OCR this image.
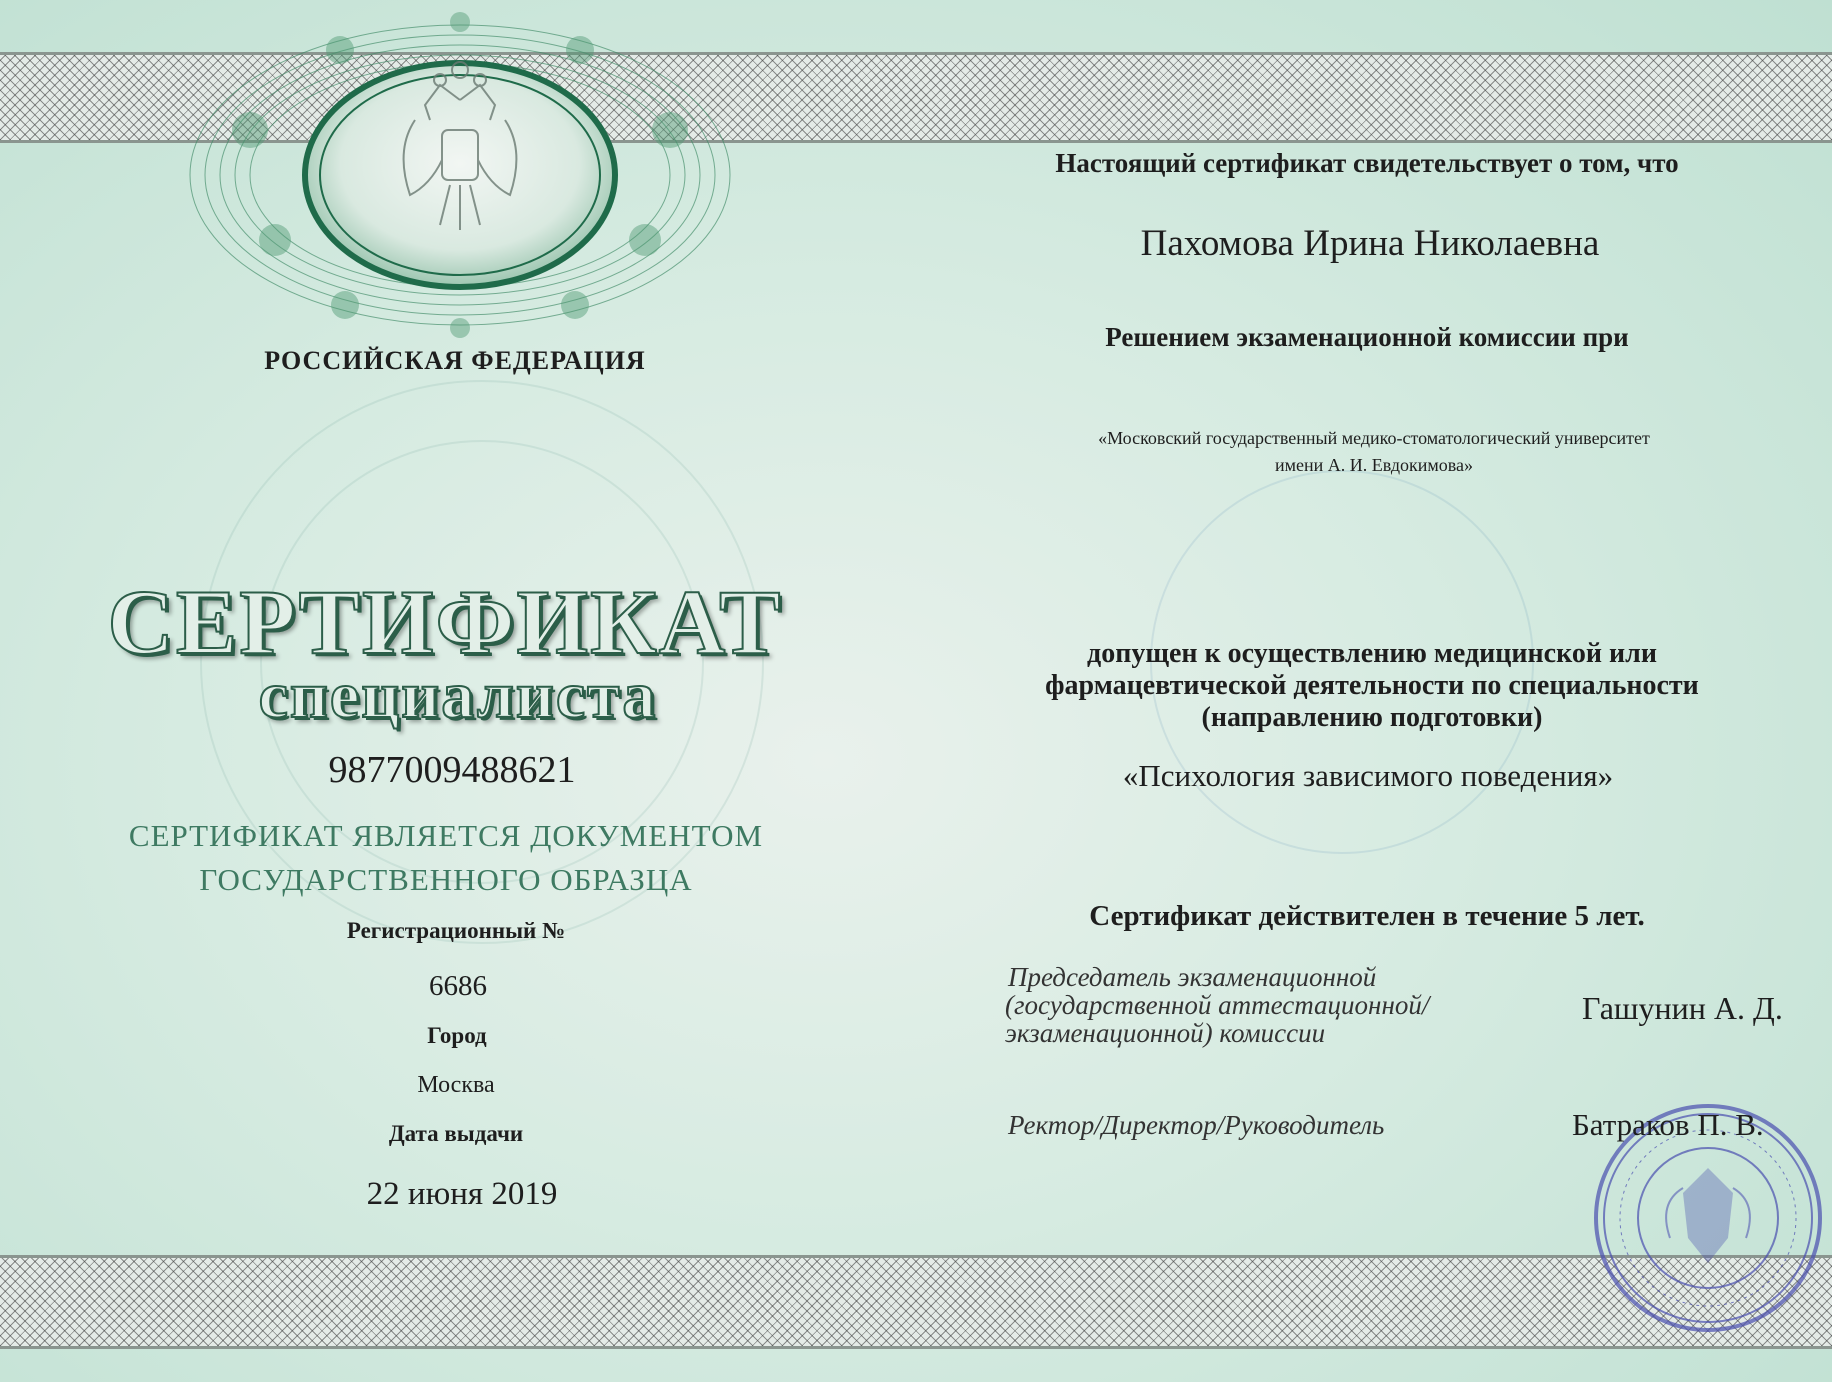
РОССИЙСКАЯ ФЕДЕРАЦИЯ
СЕРТИФИКАТ
специалиста
9877009488621
СЕРТИФИКАТ ЯВЛЯЕТСЯ ДОКУМЕНТОМ
ГОСУДАРСТВЕННОГО ОБРАЗЦА
Регистрационный №
6686
Город
Москва
Дата выдачи
22 июня 2019
Настоящий сертификат свидетельствует о том, что
Пахомова Ирина Николаевна
Решением экзаменационной комиссии при
«Московский государственный медико-стоматологический университет
имени А. И. Евдокимова»
допущен к осуществлению медицинской или
фармацевтической деятельности по специальности
(направлению подготовки)
«Психология зависимого поведения»
Сертификат действителен в течение 5 лет.
Председатель экзаменационной
(государственной аттестационной/
экзаменационной) комиссии
Гашунин А. Д.
Ректор/Директор/Руководитель	Батраков П. В.
